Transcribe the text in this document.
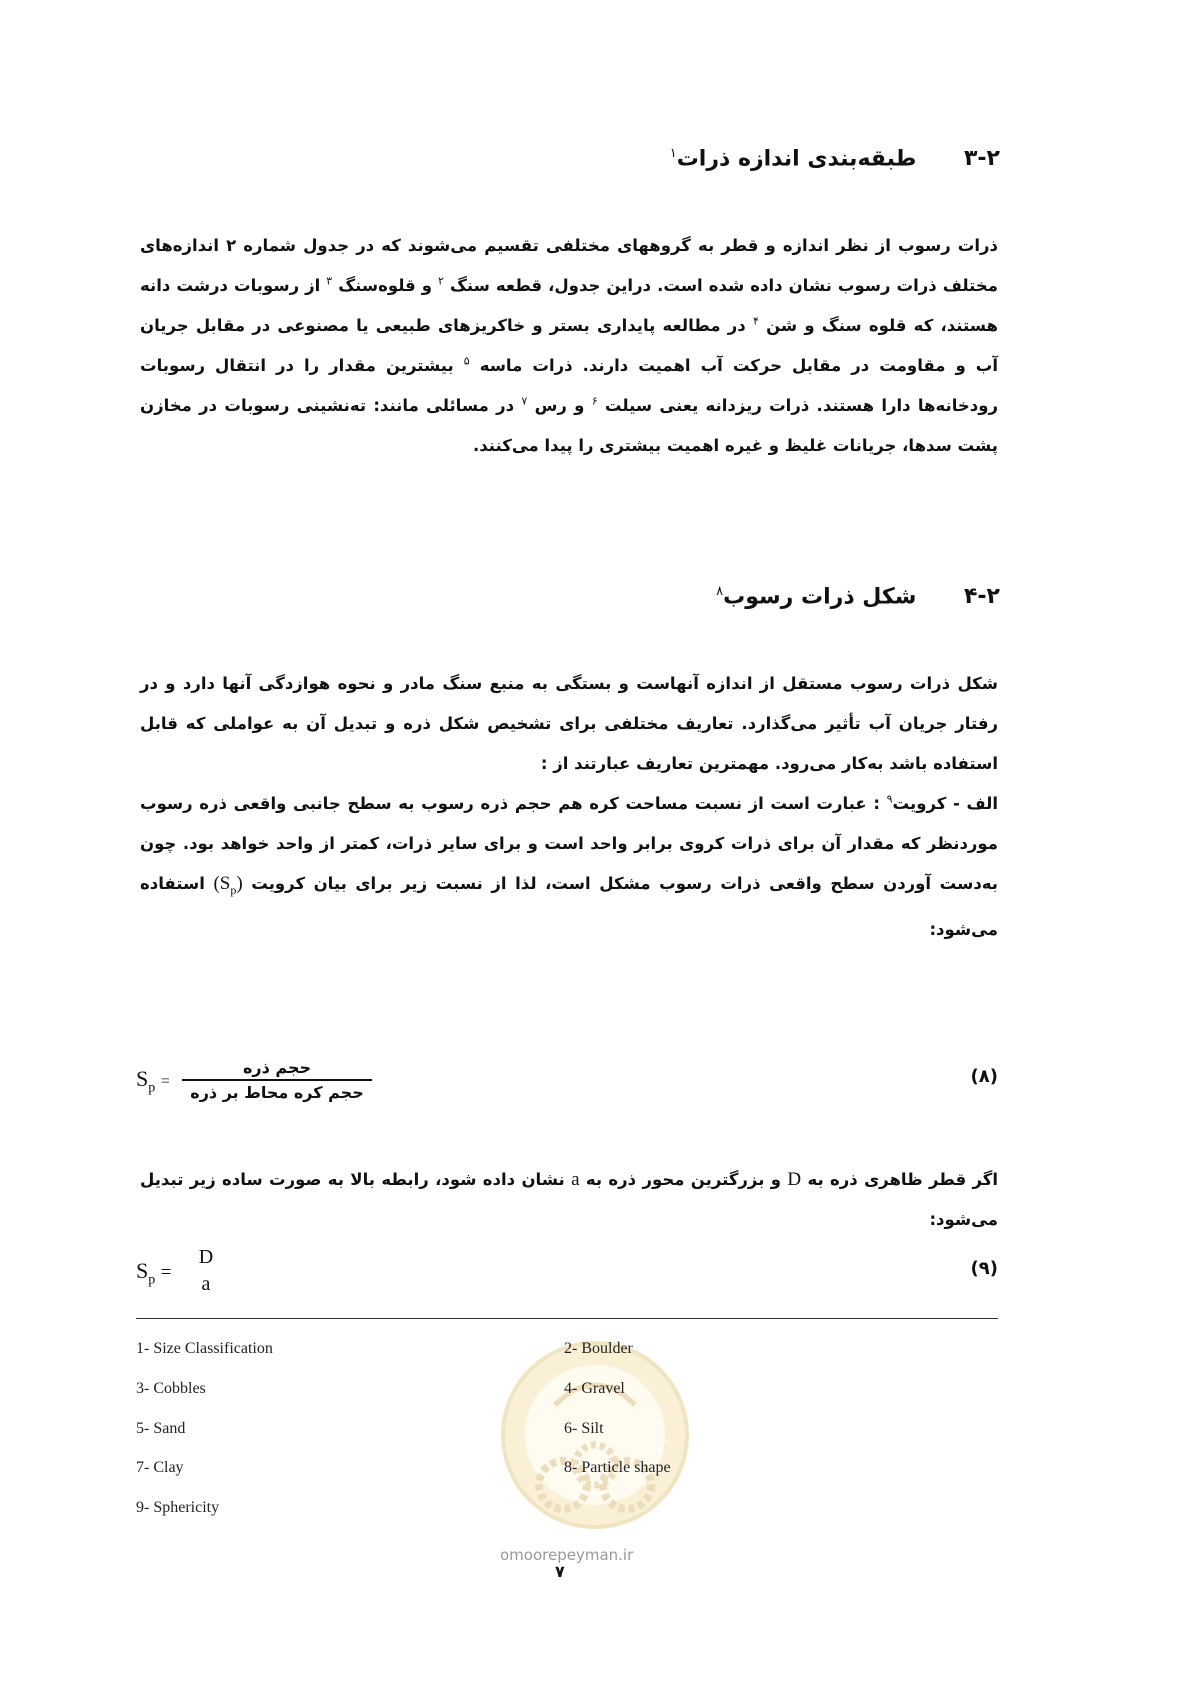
۳-۲ طبقه‌بندی اندازه ذرات$^۱$
ذرات رسوب از نظر اندازه و قطر به گروههای مختلفی تقسیم می‌شوند که در جدول شماره ۲ اندازه‌های مختلف ذرات رسوب نشان داده شده است. دراین جدول، قطعه سنگ $^۲$ و قلوه‌سنگ $^۳$ از رسوبات درشت دانه هستند، که قلوه سنگ و شن $^۴$ در مطالعه پایداری بستر و خاکریزهای طبیعی یا مصنوعی در مقابل جریان آب و مقاومت در مقابل حرکت آب اهمیت دارند. ذرات ماسه $^۵$ بیشترین مقدار را در انتقال رسوبات رودخانه‌ها دارا هستند. ذرات ریزدانه یعنی سیلت $^۶$ و رس $^۷$ در مسائلی مانند: ته‌نشینی رسوبات در مخازن پشت سدها، جریانات غلیظ و غیره اهمیت بیشتری را پیدا می‌کنند.
۴-۲ شکل ذرات رسوب$^۸$
شکل ذرات رسوب مستقل از اندازه آنهاست و بستگی به منبع سنگ مادر و نحوه هوازدگی آنها دارد و در رفتار جریان آب تأثیر می‌گذارد. تعاریف مختلفی برای تشخیص شکل ذره و تبدیل آن به عواملی که قابل استفاده باشد به‌کار می‌رود. مهمترین تعاریف عبارتند از :
الف - کرویت$^۹$ : عبارت است از نسبت مساحت کره هم حجم ذره رسوب به سطح جانبی واقعی ذره رسوب موردنظر که مقدار آن برای ذرات کروی برابر واحد است و برای سایر ذرات، کمتر از واحد خواهد بود. چون به‌دست آوردن سطح واقعی ذرات رسوب مشکل است، لذا از نسبت زیر برای بیان کرویت $(S_p)$ استفاده می‌شود:
$S_p$ =
حجم ذره
حجم کره محاط بر ذره
(۸)
اگر قطر ظاهری ذره به D و بزرگترین محور ذره به a نشان داده شود، رابطه بالا به صورت ساده زیر تبدیل می‌شود:
$S_p$ =
D
a
(۹)
1- Size Classification
3- Cobbles
5- Sand
7- Clay
9- Sphericity
2- Boulder
4- Gravel
6- Silt
8- Particle shape
omoorepeyman.ir
۷
